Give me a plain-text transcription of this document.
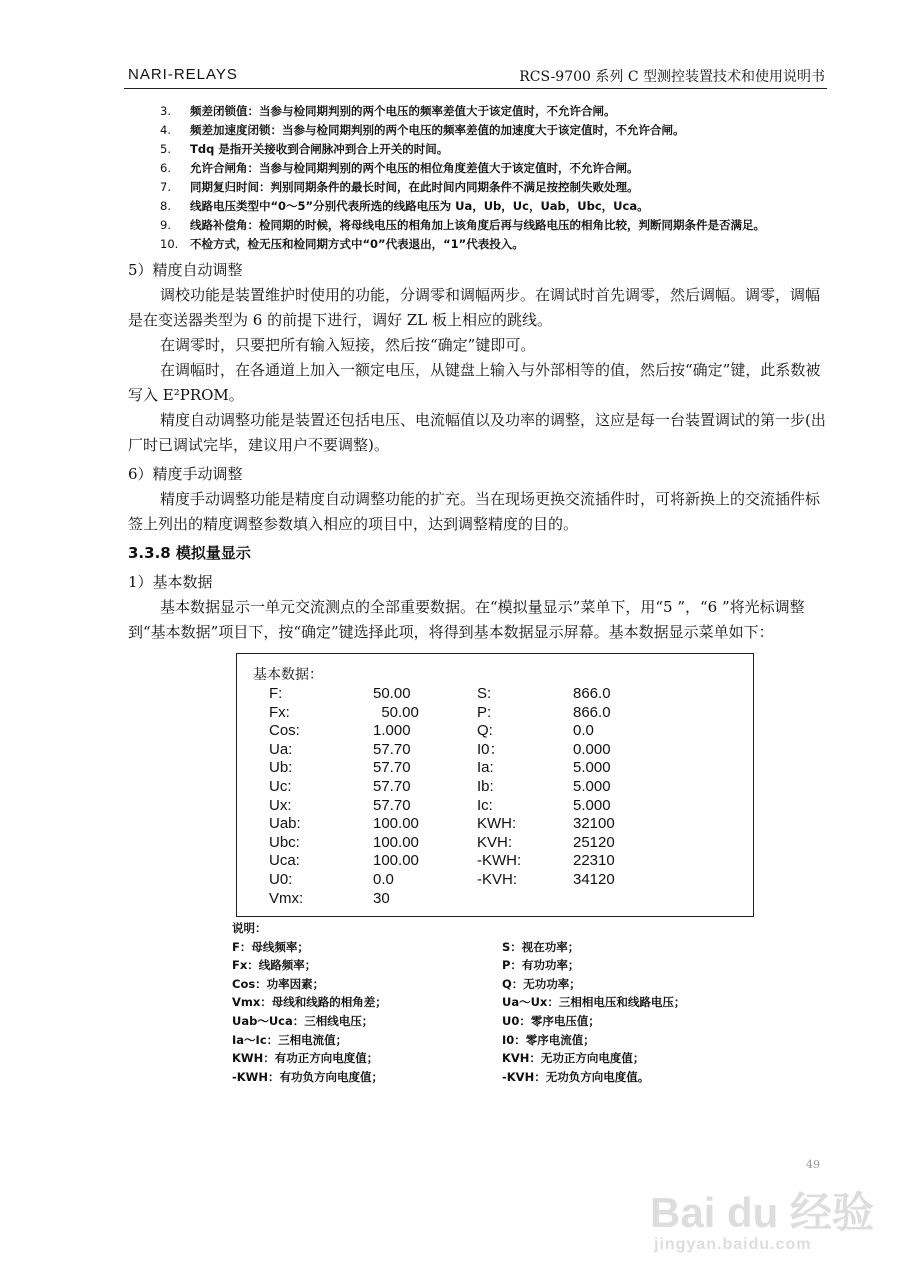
NARI-RELAYS	RCS-9700 系列 C 型测控装置技术和使用说明书
3.	频差闭锁值：当参与检同期判别的两个电压的频率差值大于该定值时，不允许合闸。
4.	频差加速度闭锁：当参与检同期判别的两个电压的频率差值的加速度大于该定值时，不允许合闸。
5.	Tdq 是指开关接收到合闸脉冲到合上开关的时间。
6.	允许合闸角：当参与检同期判别的两个电压的相位角度差值大于该定值时，不允许合闸。
7.	同期复归时间：判别同期条件的最长时间，在此时间内同期条件不满足按控制失败处理。
8.	线路电压类型中“0～5”分别代表所选的线路电压为 Ua，Ub，Uc，Uab，Ubc，Uca。
9.	线路补偿角：检同期的时候，将母线电压的相角加上该角度后再与线路电压的相角比较，判断同期条件是否满足。
10.	不检方式，检无压和检同期方式中“0”代表退出，“1”代表投入。

5）精度自动调整

调校功能是装置维护时使用的功能，分调零和调幅两步。在调试时首先调零，然后调幅。调零，调幅是在变送器类型为 6 的前提下进行，调好 ZL 板上相应的跳线。

在调零时，只要把所有输入短接，然后按“确定”键即可。

在调幅时，在各通道上加入一额定电压，从键盘上输入与外部相等的值，然后按“确定”键，此系数被写入 E²PROM。

精度自动调整功能是装置还包括电压、电流幅值以及功率的调整，这应是每一台装置调试的第一步(出厂时已调试完毕，建议用户不要调整)。

6）精度手动调整

精度手动调整功能是精度自动调整功能的扩充。当在现场更换交流插件时，可将新换上的交流插件标签上列出的精度调整参数填入相应的项目中，达到调整精度的目的。

3.3.8 模拟量显示

1）基本数据

基本数据显示一单元交流测点的全部重要数据。在“模拟量显示”菜单下，用“5 ”，“6 ”将光标调整到“基本数据”项目下，按“确定”键选择此项，将得到基本数据显示屏幕。基本数据显示菜单如下：

基本数据：
F:	50.00	S:	866.0
Fx:	50.00	P:	866.0
Cos:	1.000	Q:	0.0
Ua:	57.70	I0：	0.000
Ub:	57.70	Ia:	5.000
Uc:	57.70	Ib:	5.000
Ux:	57.70	Ic:	5.000
Uab:	100.00	KWH:	32100
Ubc:	100.00	KVH:	25120
Uca:	100.00	-KWH:	22310
U0:	0.0	-KVH:	34120
Vmx:	30
说明：
F：母线频率；	S：视在功率；
Fx：线路频率；	P：有功功率；
Cos：功率因素；	Q：无功功率；
Vmx：母线和线路的相角差；	Ua～Ux：三相相电压和线路电压；
Uab～Uca：三相线电压；	U0：零序电压值；
Ia～Ic：三相电流值；	I0：零序电流值；
KWH：有功正方向电度值；	KVH：无功正方向电度值；
-KWH：有功负方向电度值；	-KVH：无功负方向电度值。
49
Bai du 经验
jingyan.baidu.com
